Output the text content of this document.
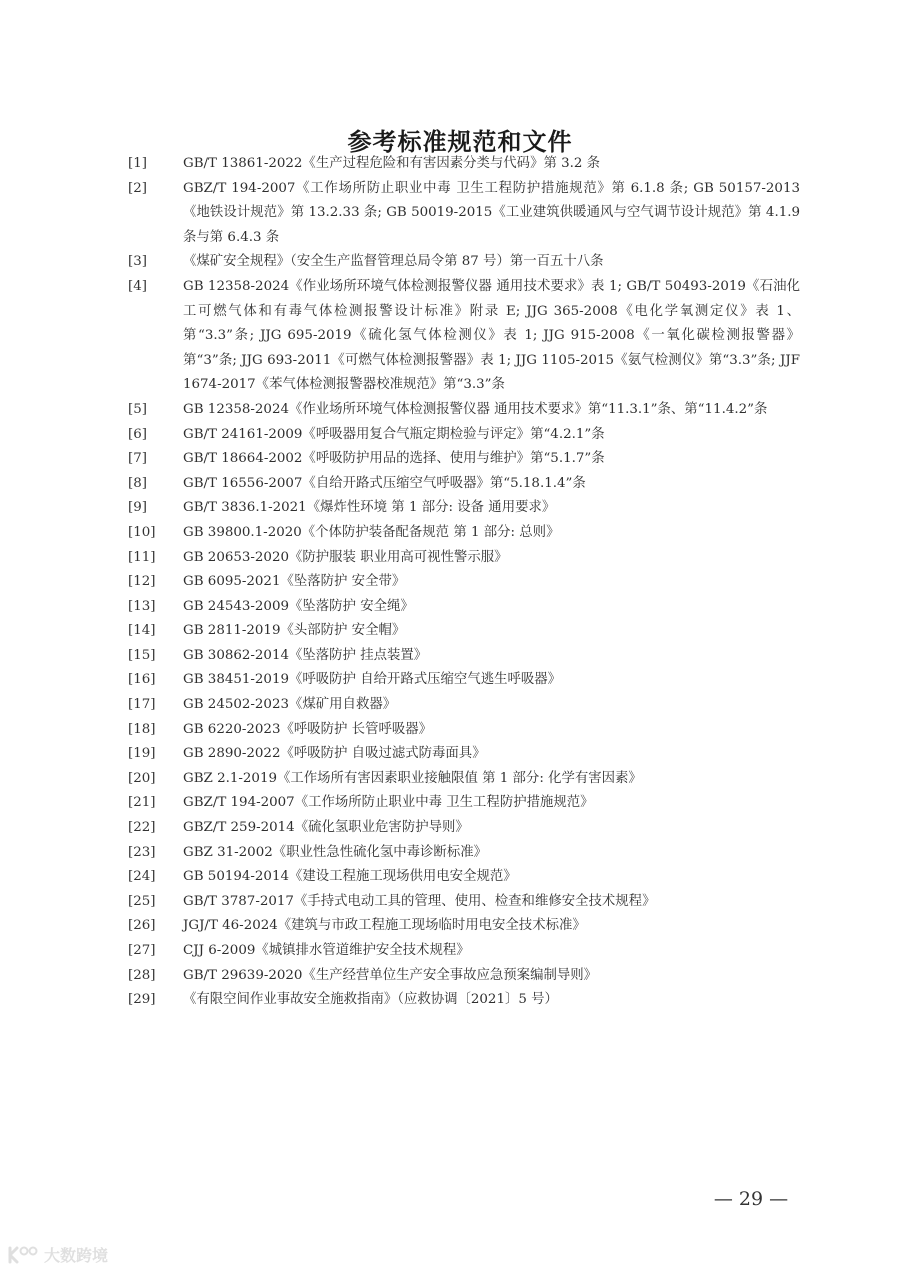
参考标准规范和文件
[1]	GB/T 13861-2022《生产过程危险和有害因素分类与代码》第 3.2 条
[2]	GBZ/T 194-2007《工作场所防止职业中毒 卫生工程防护措施规范》第 6.1.8 条; GB 50157-2013《地铁设计规范》第 13.2.33 条; GB 50019-2015《工业建筑供暖通风与空气调节设计规范》第 4.1.9 条与第 6.4.3 条
[3]	《煤矿安全规程》（安全生产监督管理总局令第 87 号）第一百五十八条
[4]	GB 12358-2024《作业场所环境气体检测报警仪器 通用技术要求》表 1; GB/T 50493-2019《石油化工可燃气体和有毒气体检测报警设计标准》附录 E; JJG 365-2008《电化学氧测定仪》表 1、第“3.3”条; JJG 695-2019《硫化氢气体检测仪》表 1; JJG 915-2008《一氧化碳检测报警器》第“3”条; JJG 693-2011《可燃气体检测报警器》表 1; JJG 1105-2015《氨气检测仪》第“3.3”条; JJF 1674-2017《苯气体检测报警器校准规范》第“3.3”条
[5]	GB 12358-2024《作业场所环境气体检测报警仪器 通用技术要求》第“11.3.1”条、第“11.4.2”条
[6]	GB/T 24161-2009《呼吸器用复合气瓶定期检验与评定》第“4.2.1”条
[7]	GB/T 18664-2002《呼吸防护用品的选择、使用与维护》第“5.1.7”条
[8]	GB/T 16556-2007《自给开路式压缩空气呼吸器》第“5.18.1.4”条
[9]	GB/T 3836.1-2021《爆炸性环境 第 1 部分: 设备 通用要求》
[10]	GB 39800.1-2020《个体防护装备配备规范 第 1 部分: 总则》
[11]	GB 20653-2020《防护服装 职业用高可视性警示服》
[12]	GB 6095-2021《坠落防护 安全带》
[13]	GB 24543-2009《坠落防护 安全绳》
[14]	GB 2811-2019《头部防护 安全帽》
[15]	GB 30862-2014《坠落防护 挂点装置》
[16]	GB 38451-2019《呼吸防护 自给开路式压缩空气逃生呼吸器》
[17]	GB 24502-2023《煤矿用自救器》
[18]	GB 6220-2023《呼吸防护 长管呼吸器》
[19]	GB 2890-2022《呼吸防护 自吸过滤式防毒面具》
[20]	GBZ 2.1-2019《工作场所有害因素职业接触限值 第 1 部分: 化学有害因素》
[21]	GBZ/T 194-2007《工作场所防止职业中毒 卫生工程防护措施规范》
[22]	GBZ/T 259-2014《硫化氢职业危害防护导则》
[23]	GBZ 31-2002《职业性急性硫化氢中毒诊断标准》
[24]	GB 50194-2014《建设工程施工现场供用电安全规范》
[25]	GB/T 3787-2017《手持式电动工具的管理、使用、检查和维修安全技术规程》
[26]	JGJ/T 46-2024《建筑与市政工程施工现场临时用电安全技术标准》
[27]	CJJ 6-2009《城镇排水管道维护安全技术规程》
[28]	GB/T 29639-2020《生产经营单位生产安全事故应急预案编制导则》
[29]	《有限空间作业事故安全施救指南》（应救协调〔2021〕5 号）
— 29 —
大数跨境
